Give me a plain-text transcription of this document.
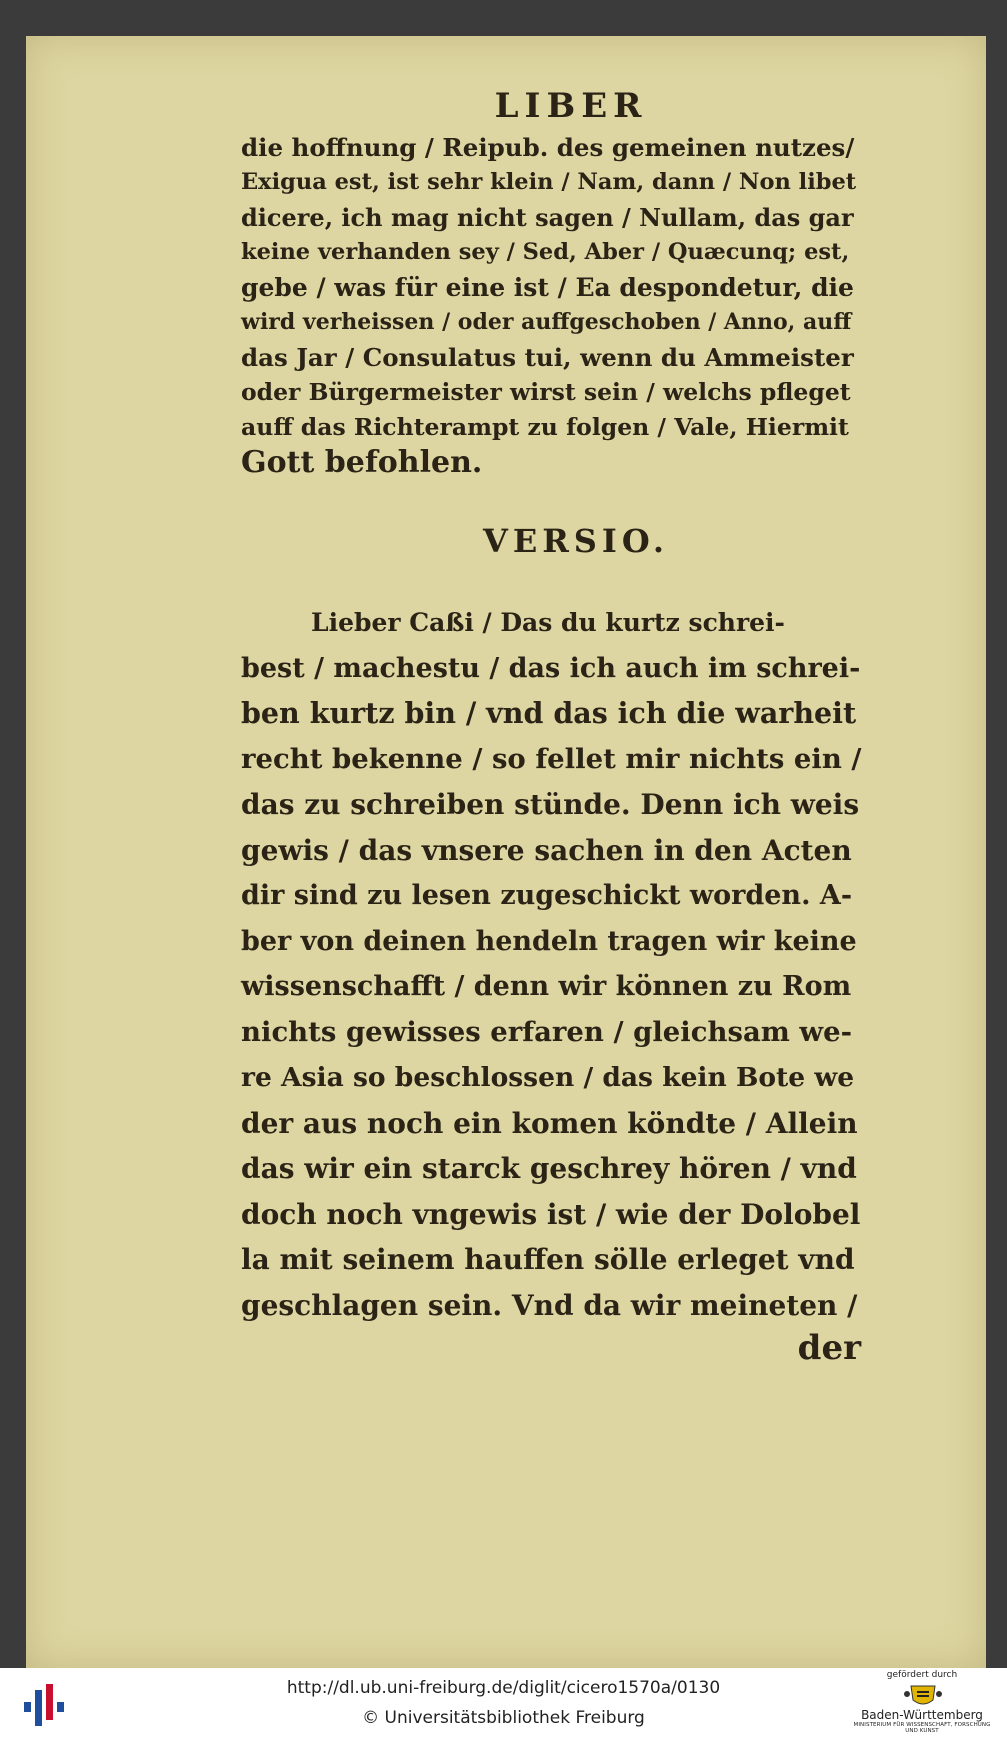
LIBER
die hoffnung / Reipub. des gemeinen nutzes/
Exigua est, ist sehr klein / Nam, dann / Non libet
dicere, ich mag nicht sagen / Nullam, das gar
keine verhanden sey / Sed, Aber / Quæcunq; est,
gebe / was für eine ist / Ea despondetur, die
wird verheissen / oder auffgeschoben / Anno, auff
das Jar / Consulatus tui, wenn du Ammeister
oder Bürgermeister wirst sein / welchs pfleget
auff das Richterampt zu folgen / Vale, Hiermit
Gott befohlen.
VERSIO.
Lieber Caßi / Das du kurtz schrei-
best / machestu / das ich auch im schrei-
ben kurtz bin / vnd das ich die warheit
recht bekenne / so fellet mir nichts ein /
das zu schreiben stünde. Denn ich weis
gewis / das vnsere sachen in den Acten
dir sind zu lesen zugeschickt worden. A-
ber von deinen hendeln tragen wir keine
wissenschafft / denn wir können zu Rom
nichts gewisses erfaren / gleichsam we-
re Asia so beschlossen / das kein Bote we
der aus noch ein komen köndte / Allein
das wir ein starck geschrey hören / vnd
doch noch vngewis ist / wie der Dolobel
la mit seinem hauffen sölle erleget vnd
geschlagen sein. Vnd da wir meineten /
der
http://dl.ub.uni-freiburg.de/diglit/cicero1570a/0130
© Universitätsbibliothek Freiburg
gefördert durch
Baden-Württemberg
MINISTERIUM FÜR WISSENSCHAFT, FORSCHUNG UND KUNST
